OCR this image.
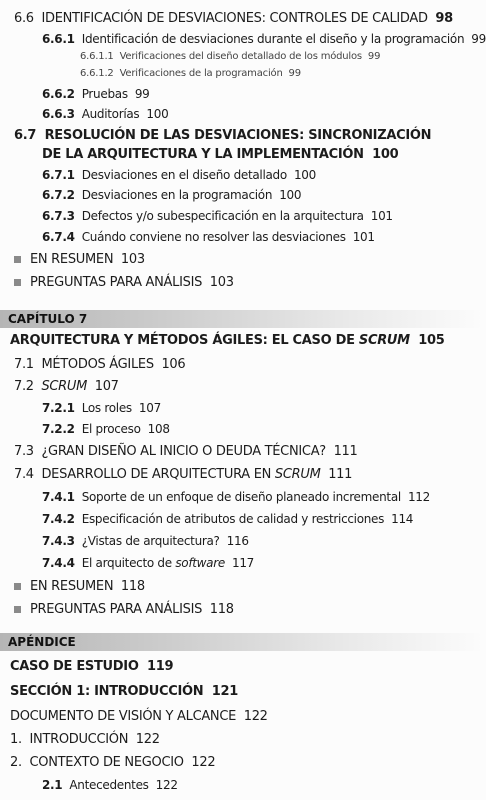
6.6 IDENTIFICACIÓN DE DESVIACIONES: CONTROLES DE CALIDAD 98
6.6.1 Identificación de desviaciones durante el diseño y la programación 99
6.6.1.1 Verificaciones del diseño detallado de los módulos 99
6.6.1.2 Verificaciones de la programación 99
6.6.2 Pruebas 99
6.6.3 Auditorías 100
6.7 RESOLUCIÓN DE LAS DESVIACIONES: SINCRONIZACIÓN
DE LA ARQUITECTURA Y LA IMPLEMENTACIÓN 100
6.7.1 Desviaciones en el diseño detallado 100
6.7.2 Desviaciones en la programación 100
6.7.3 Defectos y/o subespecificación en la arquitectura 101
6.7.4 Cuándo conviene no resolver las desviaciones 101
EN RESUMEN 103
PREGUNTAS PARA ANÁLISIS 103
CAPÍTULO 7
ARQUITECTURA Y MÉTODOS ÁGILES: EL CASO DE SCRUM 105
7.1 MÉTODOS ÁGILES 106
7.2 SCRUM 107
7.2.1 Los roles 107
7.2.2 El proceso 108
7.3 ¿GRAN DISEÑO AL INICIO O DEUDA TÉCNICA? 111
7.4 DESARROLLO DE ARQUITECTURA EN SCRUM 111
7.4.1 Soporte de un enfoque de diseño planeado incremental 112
7.4.2 Especificación de atributos de calidad y restricciones 114
7.4.3 ¿Vistas de arquitectura? 116
7.4.4 El arquitecto de software 117
EN RESUMEN 118
PREGUNTAS PARA ANÁLISIS 118
APÉNDICE
CASO DE ESTUDIO 119
SECCIÓN 1: INTRODUCCIÓN 121
DOCUMENTO DE VISIÓN Y ALCANCE 122
1. INTRODUCCIÓN 122
2. CONTEXTO DE NEGOCIO 122
2.1 Antecedentes 122
